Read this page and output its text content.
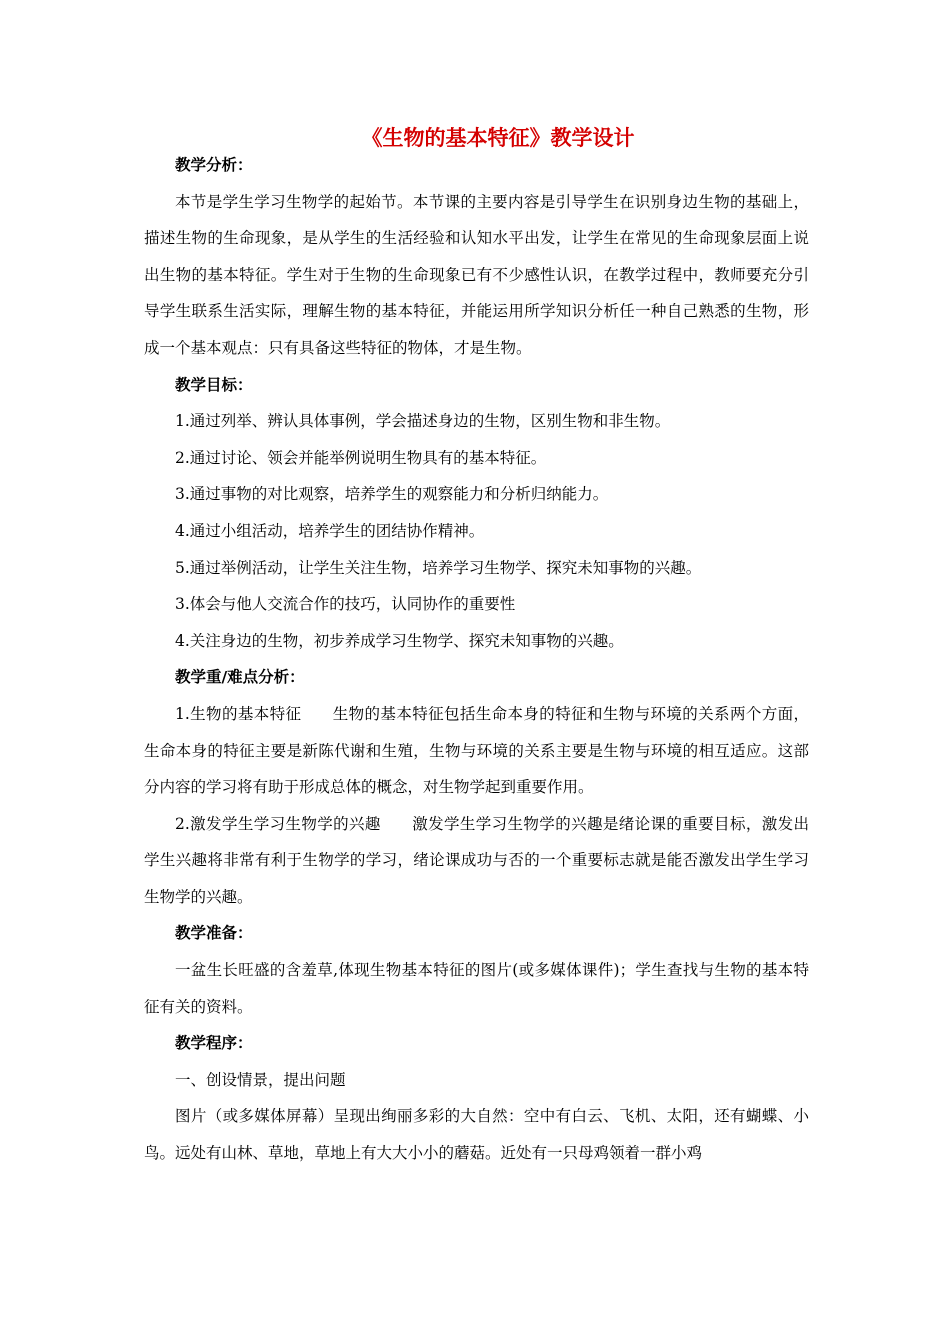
《生物的基本特征》教学设计

教学分析：

本节是学生学习生物学的起始节。本节课的主要内容是引导学生在识别身边生物的基础上，描述生物的生命现象，是从学生的生活经验和认知水平出发，让学生在常见的生命现象层面上说出生物的基本特征。学生对于生物的生命现象已有不少感性认识，在教学过程中，教师要充分引导学生联系生活实际，理解生物的基本特征，并能运用所学知识分析任一种自己熟悉的生物，形成一个基本观点：只有具备这些特征的物体，才是生物。

教学目标：

1.通过列举、辨认具体事例，学会描述身边的生物，区别生物和非生物。

2.通过讨论、领会并能举例说明生物具有的基本特征。

3.通过事物的对比观察，培养学生的观察能力和分析归纳能力。

4.通过小组活动，培养学生的团结协作精神。

5.通过举例活动，让学生关注生物，培养学习生物学、探究未知事物的兴趣。

3.体会与他人交流合作的技巧，认同协作的重要性

4.关注身边的生物，初步养成学习生物学、探究未知事物的兴趣。

教学重/难点分析：

1.生物的基本特征 生物的基本特征包括生命本身的特征和生物与环境的关系两个方面，生命本身的特征主要是新陈代谢和生殖，生物与环境的关系主要是生物与环境的相互适应。这部分内容的学习将有助于形成总体的概念，对生物学起到重要作用。

2.激发学生学习生物学的兴趣 激发学生学习生物学的兴趣是绪论课的重要目标，激发出学生兴趣将非常有利于生物学的学习，绪论课成功与否的一个重要标志就是能否激发出学生学习生物学的兴趣。

教学准备：

一盆生长旺盛的含羞草,体现生物基本特征的图片(或多媒体课件)；学生查找与生物的基本特征有关的资料。

教学程序：

一、创设情景，提出问题

图片（或多媒体屏幕）呈现出绚丽多彩的大自然：空中有白云、飞机、太阳，还有蝴蝶、小鸟。远处有山林、草地，草地上有大大小小的蘑菇。近处有一只母鸡领着一群小鸡
